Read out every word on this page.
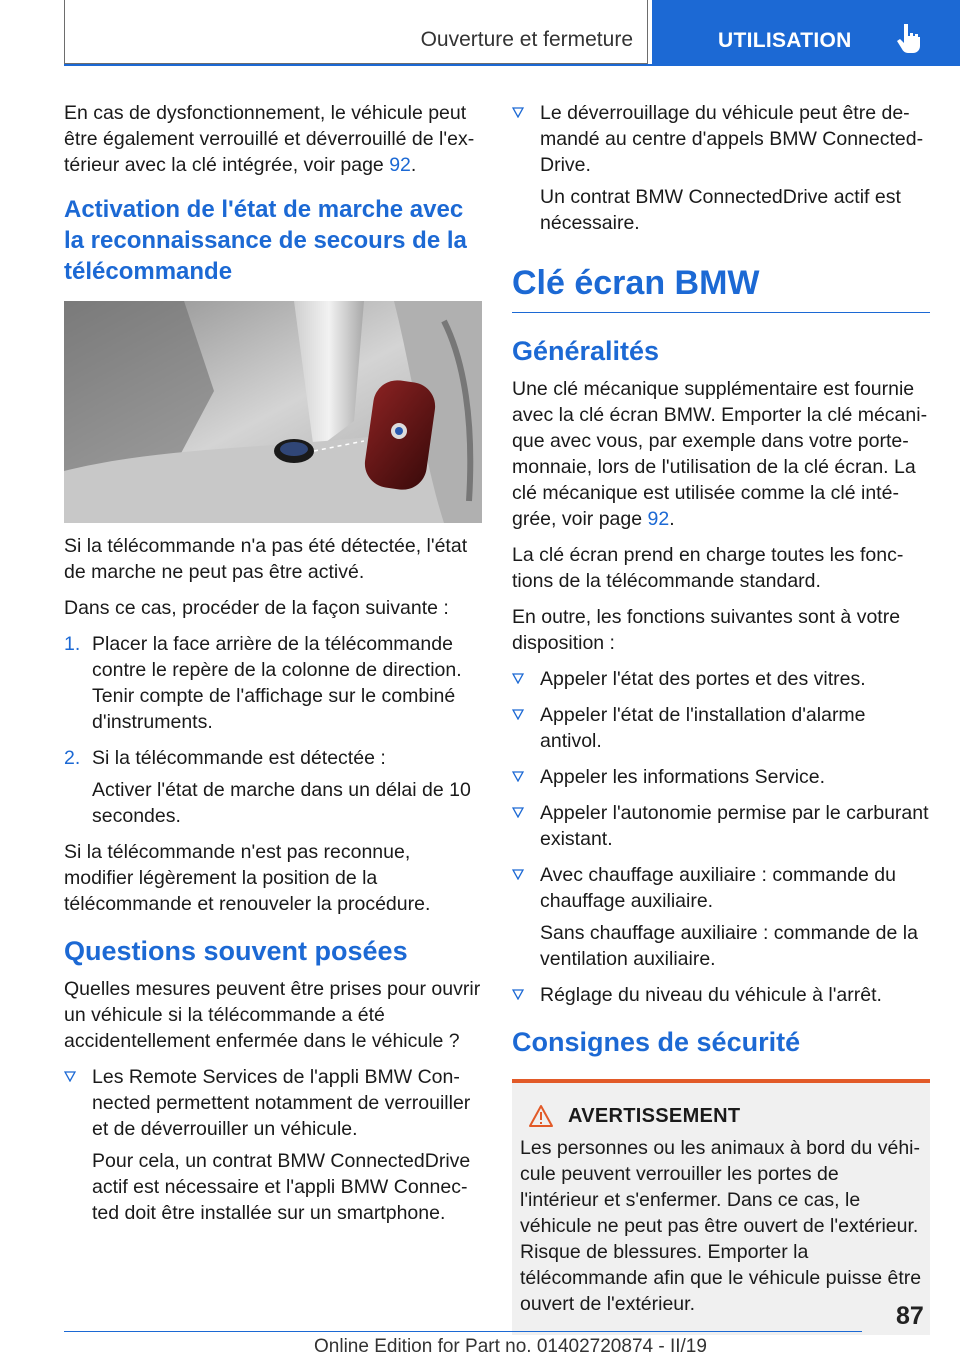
Ouverture et fermeture	UTILISATION

En cas de dysfonctionnement, le véhicule peut être également verrouillé et déverrouillé de l'extérieur avec la clé intégrée, voir page 92.

Activation de l'état de marche avec la reconnaissance de secours de la télécommande

Si la télécommande n'a pas été détectée, l'état de marche ne peut pas être activé.

Dans ce cas, procéder de la façon suivante :

1. Placer la face arrière de la télécommande contre le repère de la colonne de direction. Tenir compte de l'affichage sur le combiné d'instruments.

2. Si la télécommande est détectée :

Activer l'état de marche dans un délai de 10 secondes.

Si la télécommande n'est pas reconnue, modifier légèrement la position de la télécommande et renouveler la procédure.

Questions souvent posées

Quelles mesures peuvent être prises pour ouvrir un véhicule si la télécommande a été accidentellement enfermée dans le véhicule ?

Les Remote Services de l'appli BMW Connected permettent notamment de verrouiller et de déverrouiller un véhicule.

Pour cela, un contrat BMW ConnectedDrive actif est nécessaire et l'appli BMW Connected doit être installée sur un smartphone.

Le déverrouillage du véhicule peut être demandé au centre d'appels BMW ConnectedDrive.

Un contrat BMW ConnectedDrive actif est nécessaire.

Clé écran BMW
Généralités

Une clé mécanique supplémentaire est fournie avec la clé écran BMW. Emporter la clé mécanique avec vous, par exemple dans votre porte-monnaie, lors de l'utilisation de la clé écran. La clé mécanique est utilisée comme la clé intégrée, voir page 92.

La clé écran prend en charge toutes les fonctions de la télécommande standard.

En outre, les fonctions suivantes sont à votre disposition :

Appeler l'état des portes et des vitres.

Appeler l'état de l'installation d'alarme antivol.

Appeler les informations Service.

Appeler l'autonomie permise par le carburant existant.

Avec chauffage auxiliaire : commande du chauffage auxiliaire.

Sans chauffage auxiliaire : commande de la ventilation auxiliaire.

Réglage du niveau du véhicule à l'arrêt.

Consignes de sécurité
AVERTISSEMENT

Les personnes ou les animaux à bord du véhicule peuvent verrouiller les portes de l'intérieur et s'enfermer. Dans ce cas, le véhicule ne peut pas être ouvert de l'extérieur. Risque de blessures. Emporter la télécommande afin que le véhicule puisse être ouvert de l'extérieur.	87
Online Edition for Part no. 01402720874 - II/19
